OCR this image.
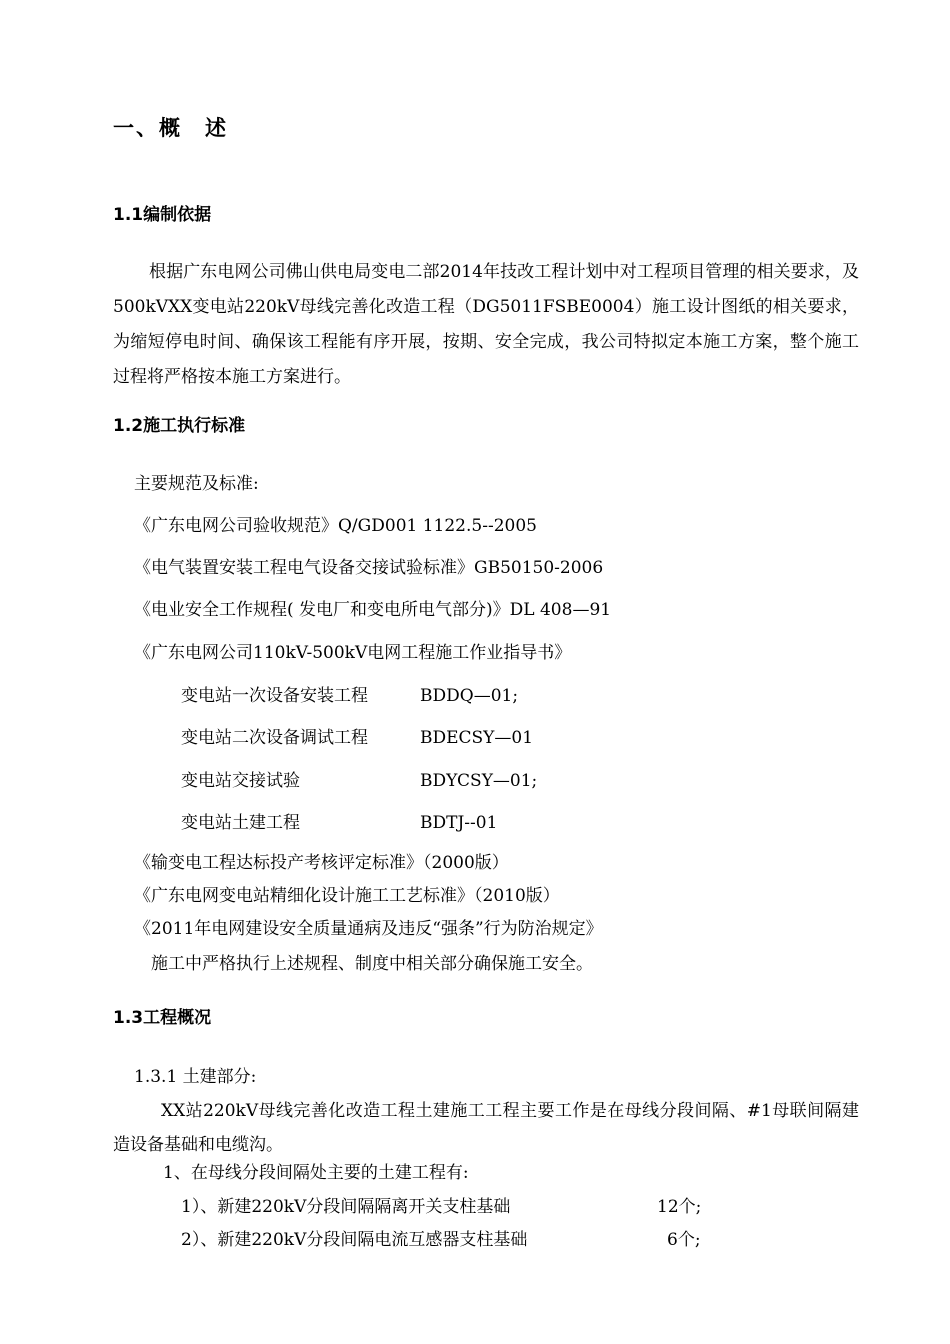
一、概　述
1.1编制依据
根据广东电网公司佛山供电局变电二部2014年技改工程计划中对工程项目管理的相关要求，及500kVXX变电站220kV母线完善化改造工程（DG5011FSBE0004）施工设计图纸的相关要求，为缩短停电时间、确保该工程能有序开展，按期、安全完成，我公司特拟定本施工方案，整个施工过程将严格按本施工方案进行。
1.2施工执行标准
主要规范及标准:
《广东电网公司验收规范》Q/GD001 1122.5--2005
《电气装置安装工程电气设备交接试验标准》GB50150-2006
《电业安全工作规程( 发电厂和变电所电气部分)》DL 408—91
《广东电网公司110kV-500kV电网工程施工作业指导书》
变电站一次设备安装工程	BDDQ—01;
变电站二次设备调试工程	BDECSY—01
变电站交接试验	BDYCSY—01;
变电站土建工程	BDTJ--01
《输变电工程达标投产考核评定标准》（2000版）
《广东电网变电站精细化设计施工工艺标准》（2010版）
《2011年电网建设安全质量通病及违反“强条”行为防治规定》
施工中严格执行上述规程、制度中相关部分确保施工安全。
1.3工程概况
1.3.1 土建部分:
XX站220kV母线完善化改造工程土建施工工程主要工作是在母线分段间隔、#1母联间隔建造设备基础和电缆沟。
1、在母线分段间隔处主要的土建工程有:
1）、新建220kV分段间隔隔离开关支柱基础	12个;
2）、新建220kV分段间隔电流互感器支柱基础	6个;
